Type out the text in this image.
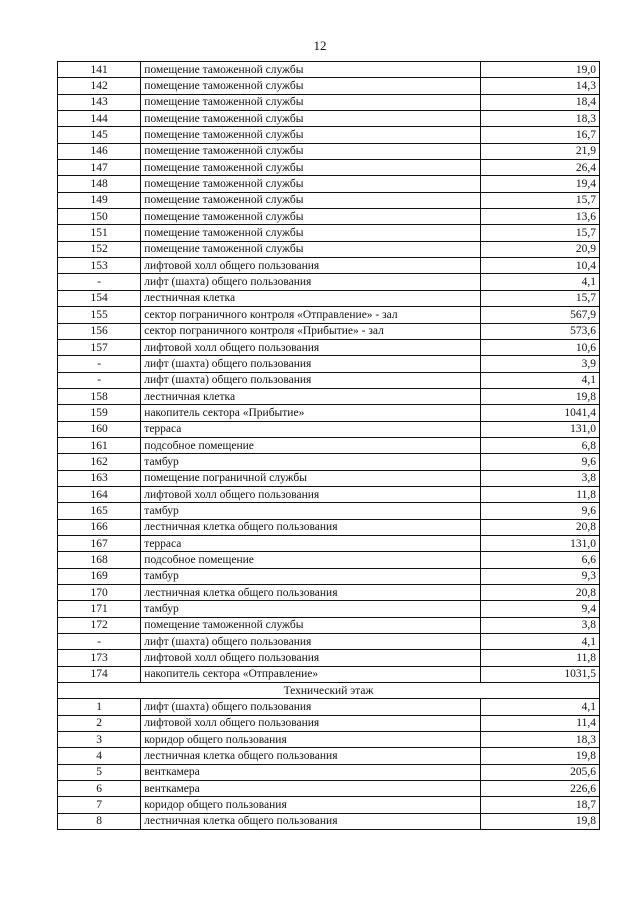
12
141	помещение таможенной службы	19,0
142	помещение таможенной службы	14,3
143	помещение таможенной службы	18,4
144	помещение таможенной службы	18,3
145	помещение таможенной службы	16,7
146	помещение таможенной службы	21,9
147	помещение таможенной службы	26,4
148	помещение таможенной службы	19,4
149	помещение таможенной службы	15,7
150	помещение таможенной службы	13,6
151	помещение таможенной службы	15,7
152	помещение таможенной службы	20,9
153	лифтовой холл общего пользования	10,4
-	лифт (шахта) общего пользования	4,1
154	лестничная клетка	15,7
155	сектор пограничного контроля «Отправление» - зал	567,9
156	сектор пограничного контроля «Прибытие» - зал	573,6
157	лифтовой холл общего пользования	10,6
-	лифт (шахта) общего пользования	3,9
-	лифт (шахта) общего пользования	4,1
158	лестничная клетка	19,8
159	накопитель сектора «Прибытие»	1041,4
160	терраса	131,0
161	подсобное помещение	6,8
162	тамбур	9,6
163	помещение пограничной службы	3,8
164	лифтовой холл общего пользования	11,8
165	тамбур	9,6
166	лестничная клетка общего пользования	20,8
167	терраса	131,0
168	подсобное помещение	6,6
169	тамбур	9,3
170	лестничная клетка общего пользования	20,8
171	тамбур	9,4
172	помещение таможенной службы	3,8
-	лифт (шахта) общего пользования	4,1
173	лифтовой холл общего пользования	11,8
174	накопитель сектора «Отправление»	1031,5
Технический этаж		
1	лифт (шахта) общего пользования	4,1
2	лифтовой холл общего пользования	11,4
3	коридор общего пользования	18,3
4	лестничная клетка общего пользования	19,8
5	венткамера	205,6
6	венткамера	226,6
7	коридор общего пользования	18,7
8	лестничная клетка общего пользования	19,8
